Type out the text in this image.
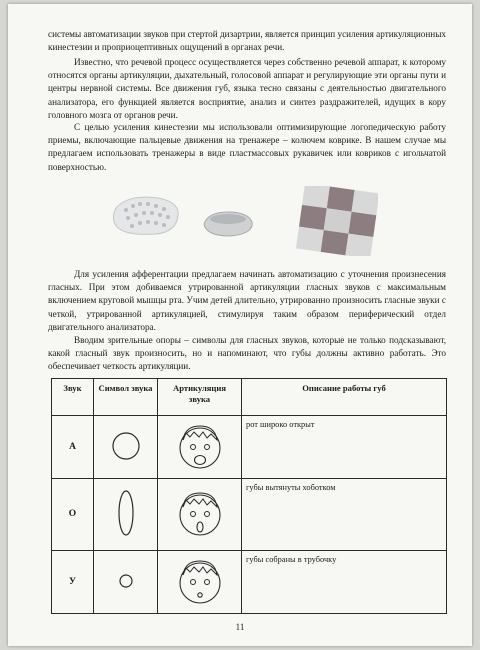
системы автоматизации звуков при стертой дизартрии, является принцип усиления артикуляционных кинестезии и проприоцептивных ощущений в органах речи.

Известно, что речевой процесс осуществляется через собственно речевой аппарат, к которому относятся органы артикуляции, дыхательный, голосовой аппарат и регулирующие эти органы пути и центры нервной системы. Все движения губ, языка тесно связаны с деятельностью двигательного анализатора, его функцией является восприятие, анализ и синтез раздражителей, идущих в кору головного мозга от органов речи.

С целью усиления кинестезии мы использовали оптимизирующие логопедическую работу приемы, включающие пальцевые движения на тренажере – колючем коврике. В нашем случае мы предлагаем использовать тренажеры в виде пластмассовых рукавичек или ковриков с игольчатой поверхностью.

Для усиления афферентации предлагаем начинать автоматизацию с уточнения произнесения гласных. При этом добиваемся утрированной артикуляции гласных звуков с максимальным включением круговой мышцы рта. Учим детей длительно, утрированно произносить гласные звуки с четкой, утрированной артикуляцией, стимулируя таким образом периферический отдел двигательного анализатора.

Вводим зрительные опоры – символы для гласных звуков, которые не только подсказывают, какой гласный звук произносить, но и напоминают, что губы должны активно работать. Это обеспечивает четкость артикуляции.

Звук	Символ звука	Артикуляция звука	Описание работы губ
А			рот широко открыт
О			губы вытянуты хоботком
У			губы собраны в трубочку
11
